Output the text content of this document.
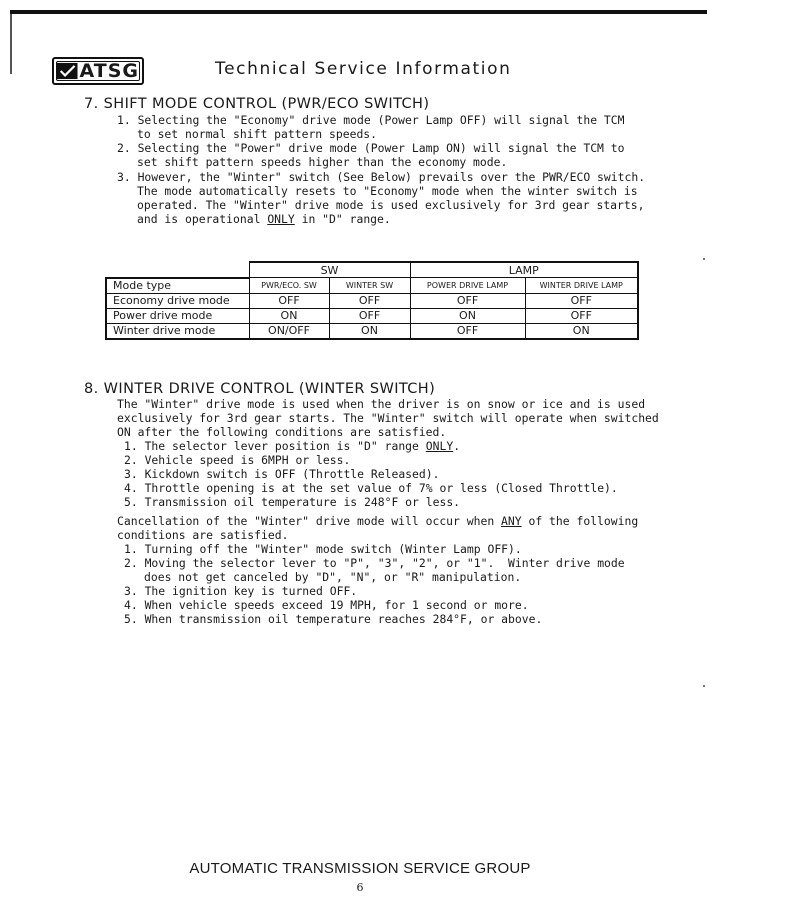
ATSG	Technical Service Information
7. SHIFT MODE CONTROL (PWR/ECO SWITCH)
1. Selecting the "Economy" drive mode (Power Lamp OFF) will signal the TCM
to set normal shift pattern speeds.
2. Selecting the "Power" drive mode (Power Lamp ON) will signal the TCM to
set shift pattern speeds higher than the economy mode.
3. However, the "Winter" switch (See Below) prevails over the PWR/ECO switch.
The mode automatically resets to "Economy" mode when the winter switch is
operated. The "Winter" drive mode is used exclusively for 3rd gear starts,
and is operational ONLY in "D" range.
	SW		LAMP	
Mode type	PWR/ECO. SW	WINTER SW	POWER DRIVE LAMP	WINTER DRIVE LAMP
Economy drive mode	OFF	OFF	OFF	OFF
Power drive mode	ON	OFF	ON	OFF
Winter drive mode	ON/OFF	ON	OFF	ON
8. WINTER DRIVE CONTROL (WINTER SWITCH)
The "Winter" drive mode is used when the driver is on snow or ice and is used
exclusively for 3rd gear starts. The "Winter" switch will operate when switched
ON after the following conditions are satisfied.
1. The selector lever position is "D" range ONLY.
2. Vehicle speed is 6MPH or less.
3. Kickdown switch is OFF (Throttle Released).
4. Throttle opening is at the set value of 7% or less (Closed Throttle).
5. Transmission oil temperature is 248°F or less.
Cancellation of the "Winter" drive mode will occur when ANY of the following
conditions are satisfied.
1. Turning off the "Winter" mode switch (Winter Lamp OFF).
2. Moving the selector lever to "P", "3", "2", or "1".  Winter drive mode
does not get canceled by "D", "N", or "R" manipulation.
3. The ignition key is turned OFF.
4. When vehicle speeds exceed 19 MPH, for 1 second or more.
5. When transmission oil temperature reaches 284°F, or above.
AUTOMATIC TRANSMISSION SERVICE GROUP
6
